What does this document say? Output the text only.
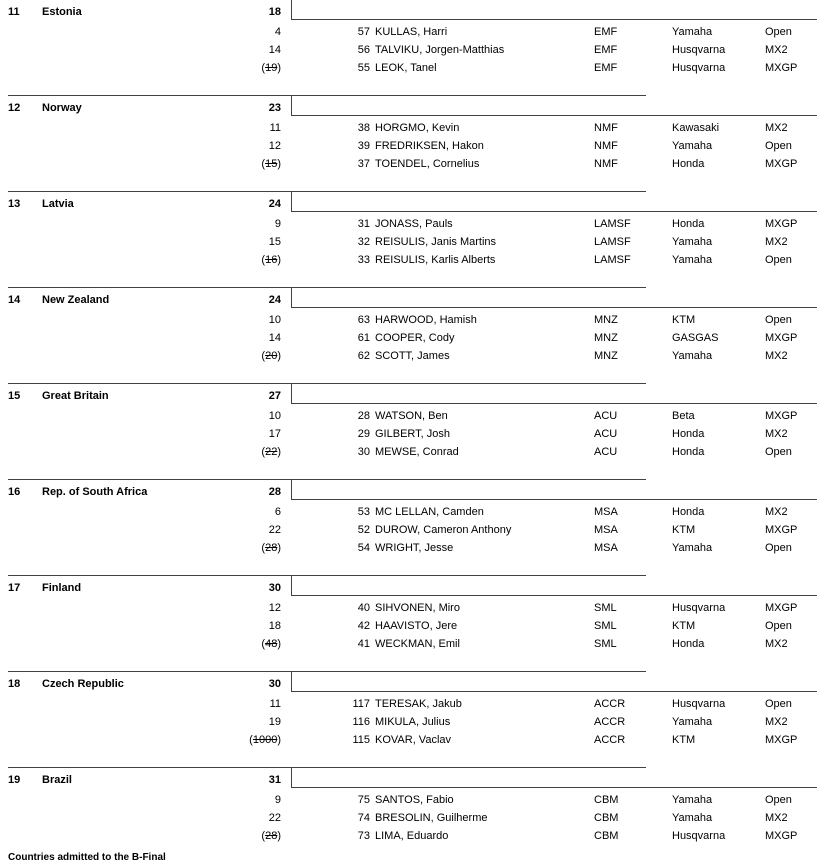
11 Estonia	18
4	57 KULLAS, Harri	EMF	Yamaha	Open
14	56 TALVIKU, Jorgen-Matthias	EMF	Husqvarna	MX2
(19)	55 LEOK, Tanel	EMF	Husqvarna	MXGP
12 Norway	23
11	38 HORGMO, Kevin	NMF	Kawasaki	MX2
12	39 FREDRIKSEN, Hakon	NMF	Yamaha	Open
(15)	37 TOENDEL, Cornelius	NMF	Honda	MXGP
13 Latvia	24
9	31 JONASS, Pauls	LAMSF	Honda	MXGP
15	32 REISULIS, Janis Martins	LAMSF	Yamaha	MX2
(16)	33 REISULIS, Karlis Alberts	LAMSF	Yamaha	Open
14 New Zealand	24
10	63 HARWOOD, Hamish	MNZ	KTM	Open
14	61 COOPER, Cody	MNZ	GASGAS	MXGP
(20)	62 SCOTT, James	MNZ	Yamaha	MX2
15 Great Britain	27
10	28 WATSON, Ben	ACU	Beta	MXGP
17	29 GILBERT, Josh	ACU	Honda	MX2
(22)	30 MEWSE, Conrad	ACU	Honda	Open
16 Rep. of South Africa	28
6	53 MC LELLAN, Camden	MSA	Honda	MX2
22	52 DUROW, Cameron Anthony	MSA	KTM	MXGP
(28)	54 WRIGHT, Jesse	MSA	Yamaha	Open
17 Finland	30
12	40 SIHVONEN, Miro	SML	Husqvarna	MXGP
18	42 HAAVISTO, Jere	SML	KTM	Open
(48)	41 WECKMAN, Emil	SML	Honda	MX2
18 Czech Republic	30
11	117 TERESAK, Jakub	ACCR	Husqvarna	Open
19	116 MIKULA, Julius	ACCR	Yamaha	MX2
(1000)	115 KOVAR, Vaclav	ACCR	KTM	MXGP
19 Brazil	31
9	75 SANTOS, Fabio	CBM	Yamaha	Open
22	74 BRESOLIN, Guilherme	CBM	Yamaha	MX2
(28)	73 LIMA, Eduardo	CBM	Husqvarna	MXGP
Countries admitted to the B-Final
